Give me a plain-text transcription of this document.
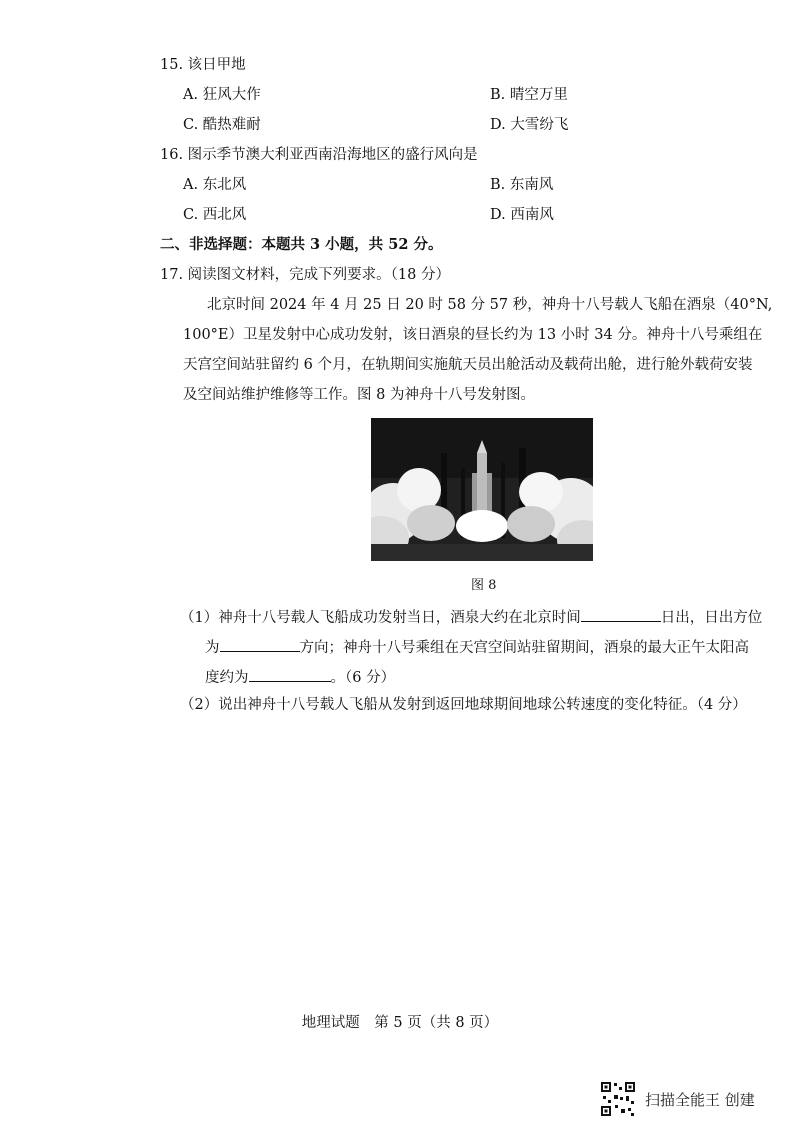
15. 该日甲地
A. 狂风大作	B. 晴空万里
C. 酷热难耐	D. 大雪纷飞
16. 图示季节澳大利亚西南沿海地区的盛行风向是
A. 东北风	B. 东南风
C. 西北风	D. 西南风
二、非选择题：本题共 3 小题，共 52 分。
17. 阅读图文材料，完成下列要求。（18 分）
北京时间 2024 年 4 月 25 日 20 时 58 分 57 秒，神舟十八号载人飞船在酒泉（40°N,
100°E）卫星发射中心成功发射，该日酒泉的昼长约为 13 小时 34 分。神舟十八号乘组在
天宫空间站驻留约 6 个月，在轨期间实施航天员出舱活动及载荷出舱，进行舱外载荷安装
及空间站维护维修等工作。图 8 为神舟十八号发射图。
图 8
（1）神舟十八号载人飞船成功发射当日，酒泉大约在北京时间	日出，日出方位
为	方向；神舟十八号乘组在天宫空间站驻留期间，酒泉的最大正午太阳高
度约为	。（6 分）
（2）说出神舟十八号载人飞船从发射到返回地球期间地球公转速度的变化特征。（4 分）
地理试题　第 5 页（共 8 页）
扫描全能王 创建
